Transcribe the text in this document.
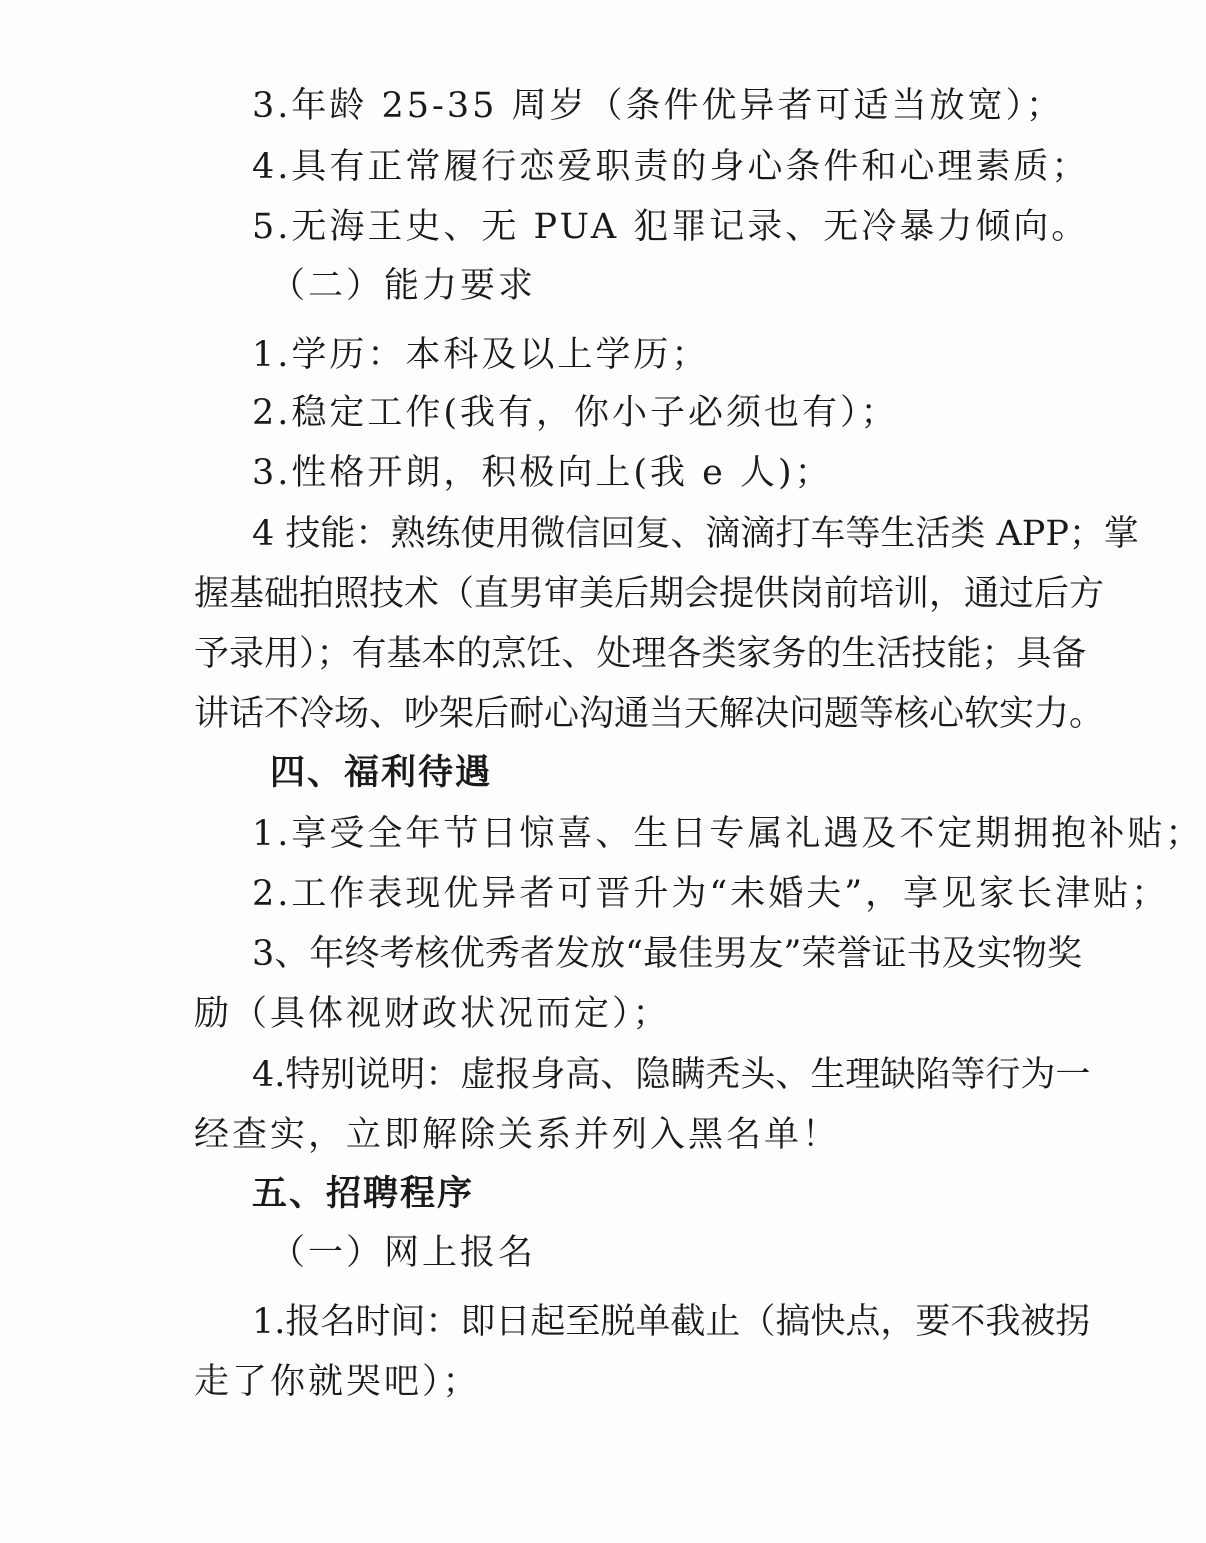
3.年龄 25-35 周岁（条件优异者可适当放宽）；
4.具有正常履行恋爱职责的身心条件和心理素质；
5.无海王史、无 PUA 犯罪记录、无冷暴力倾向。
（二）能力要求
1.学历：本科及以上学历；
2.稳定工作(我有，你小子必须也有）；
3.性格开朗，积极向上(我 e 人)；
4 技能：熟练使用微信回复、滴滴打车等生活类 APP；掌
握基础拍照技术（直男审美后期会提供岗前培训，通过后方
予录用）；有基本的烹饪、处理各类家务的生活技能；具备
讲话不冷场、吵架后耐心沟通当天解决问题等核心软实力。
四、福利待遇
1.享受全年节日惊喜、生日专属礼遇及不定期拥抱补贴；
2.工作表现优异者可晋升为“未婚夫”，享见家长津贴；
3、年终考核优秀者发放“最佳男友”荣誉证书及实物奖
励（具体视财政状况而定）；
4.特别说明：虚报身高、隐瞒秃头、生理缺陷等行为一
经查实，立即解除关系并列入黑名单！
五、招聘程序
（一）网上报名
1.报名时间：即日起至脱单截止（搞快点，要不我被拐
走了你就哭吧）；
